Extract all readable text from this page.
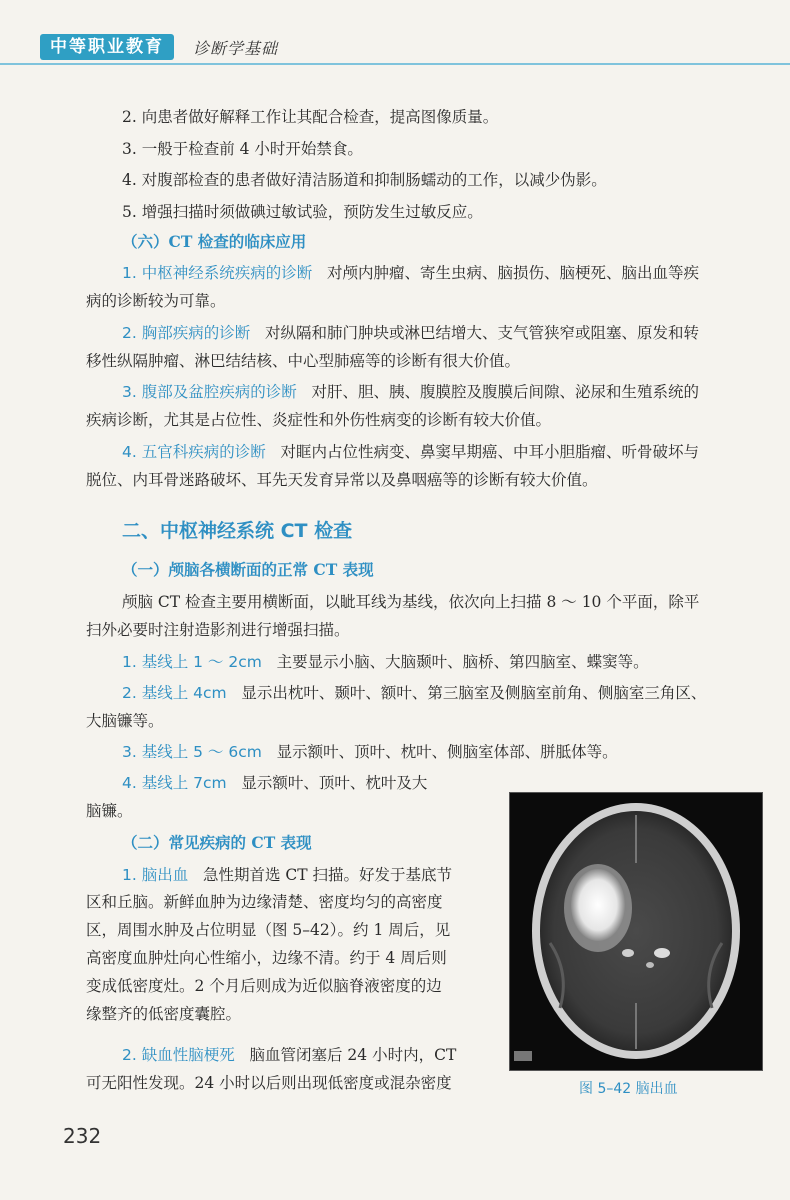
中等职业教育	诊断学基础
2. 向患者做好解释工作让其配合检查，提高图像质量。
3. 一般于检查前 4 小时开始禁食。
4. 对腹部检查的患者做好清洁肠道和抑制肠蠕动的工作，以减少伪影。
5. 增强扫描时须做碘过敏试验，预防发生过敏反应。
（六）CT 检查的临床应用
1. 中枢神经系统疾病的诊断 对颅内肿瘤、寄生虫病、脑损伤、脑梗死、脑出血等疾
病的诊断较为可靠。
2. 胸部疾病的诊断 对纵隔和肺门肿块或淋巴结增大、支气管狭窄或阻塞、原发和转
移性纵隔肿瘤、淋巴结结核、中心型肺癌等的诊断有很大价值。
3. 腹部及盆腔疾病的诊断 对肝、胆、胰、腹膜腔及腹膜后间隙、泌尿和生殖系统的
疾病诊断，尤其是占位性、炎症性和外伤性病变的诊断有较大价值。
4. 五官科疾病的诊断 对眶内占位性病变、鼻窦早期癌、中耳小胆脂瘤、听骨破坏与
脱位、内耳骨迷路破坏、耳先天发育异常以及鼻咽癌等的诊断有较大价值。
二、中枢神经系统 CT 检查
（一）颅脑各横断面的正常 CT 表现
颅脑 CT 检查主要用横断面，以眦耳线为基线，依次向上扫描 8 ～ 10 个平面，除平
扫外必要时注射造影剂进行增强扫描。
1. 基线上 1 ～ 2cm 主要显示小脑、大脑颞叶、脑桥、第四脑室、蝶窦等。
2. 基线上 4cm 显示出枕叶、颞叶、额叶、第三脑室及侧脑室前角、侧脑室三角区、
大脑镰等。
3. 基线上 5 ～ 6cm 显示额叶、顶叶、枕叶、侧脑室体部、胼胝体等。
4. 基线上 7cm 显示额叶、顶叶、枕叶及大
脑镰。
（二）常见疾病的 CT 表现
1. 脑出血 急性期首选 CT 扫描。好发于基底节
区和丘脑。新鲜血肿为边缘清楚、密度均匀的高密度
区，周围水肿及占位明显（图 5–42）。约 1 周后，见
高密度血肿灶向心性缩小，边缘不清。约于 4 周后则
变成低密度灶。2 个月后则成为近似脑脊液密度的边
缘整齐的低密度囊腔。
2. 缺血性脑梗死 脑血管闭塞后 24 小时内，CT
可无阳性发现。24 小时以后则出现低密度或混杂密度	图 5–42 脑出血
232
